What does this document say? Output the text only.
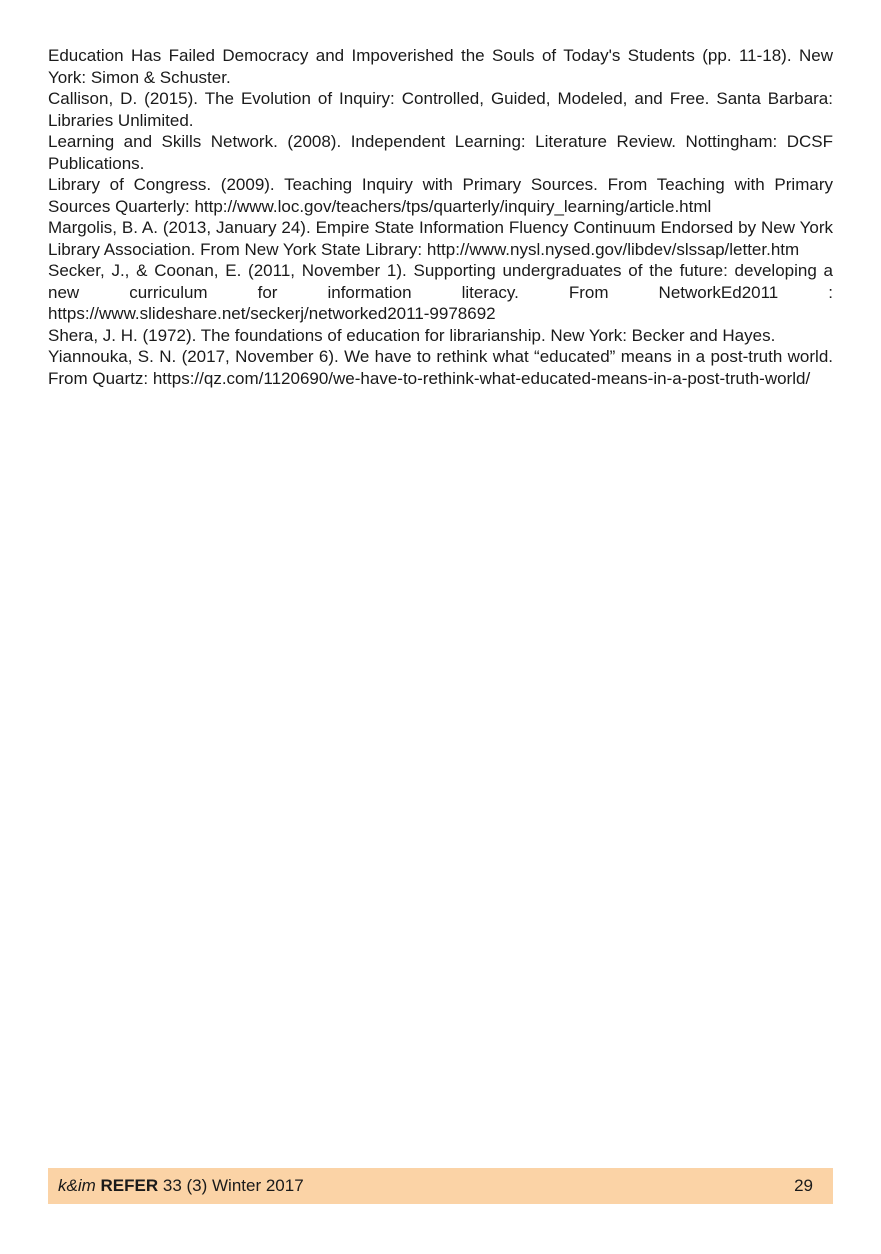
Education Has Failed Democracy and Impoverished the Souls of Today's Students (pp. 11-18). New York: Simon & Schuster.

Callison, D. (2015). The Evolution of Inquiry: Controlled, Guided, Modeled, and Free. Santa Barbara: Libraries Unlimited.

Learning and Skills Network. (2008). Independent Learning: Literature Review. Nottingham: DCSF Publications.

Library of Congress. (2009). Teaching Inquiry with Primary Sources. From Teaching with Primary Sources Quarterly: http://www.loc.gov/teachers/tps/quarterly/inquiry_learning/article.html

Margolis, B. A. (2013, January 24). Empire State Information Fluency Continuum Endorsed by New York Library Association. From New York State Library: http://www.nysl.nysed.gov/libdev/slssap/letter.htm

Secker, J., & Coonan, E. (2011, November 1). Supporting undergraduates of the future: developing a new curriculum for information literacy. From NetworkEd2011 : https://www.slideshare.net/seckerj/networked2011-9978692

Shera, J. H. (1972). The foundations of education for librarianship. New York: Becker and Hayes.

Yiannouka, S. N. (2017, November 6). We have to rethink what “educated” means in a post-truth world. From Quartz: https://qz.com/1120690/we-have-to-rethink-what-educated-means-in-a-post-truth-world/

k&im REFER 33 (3) Winter 2017	29
